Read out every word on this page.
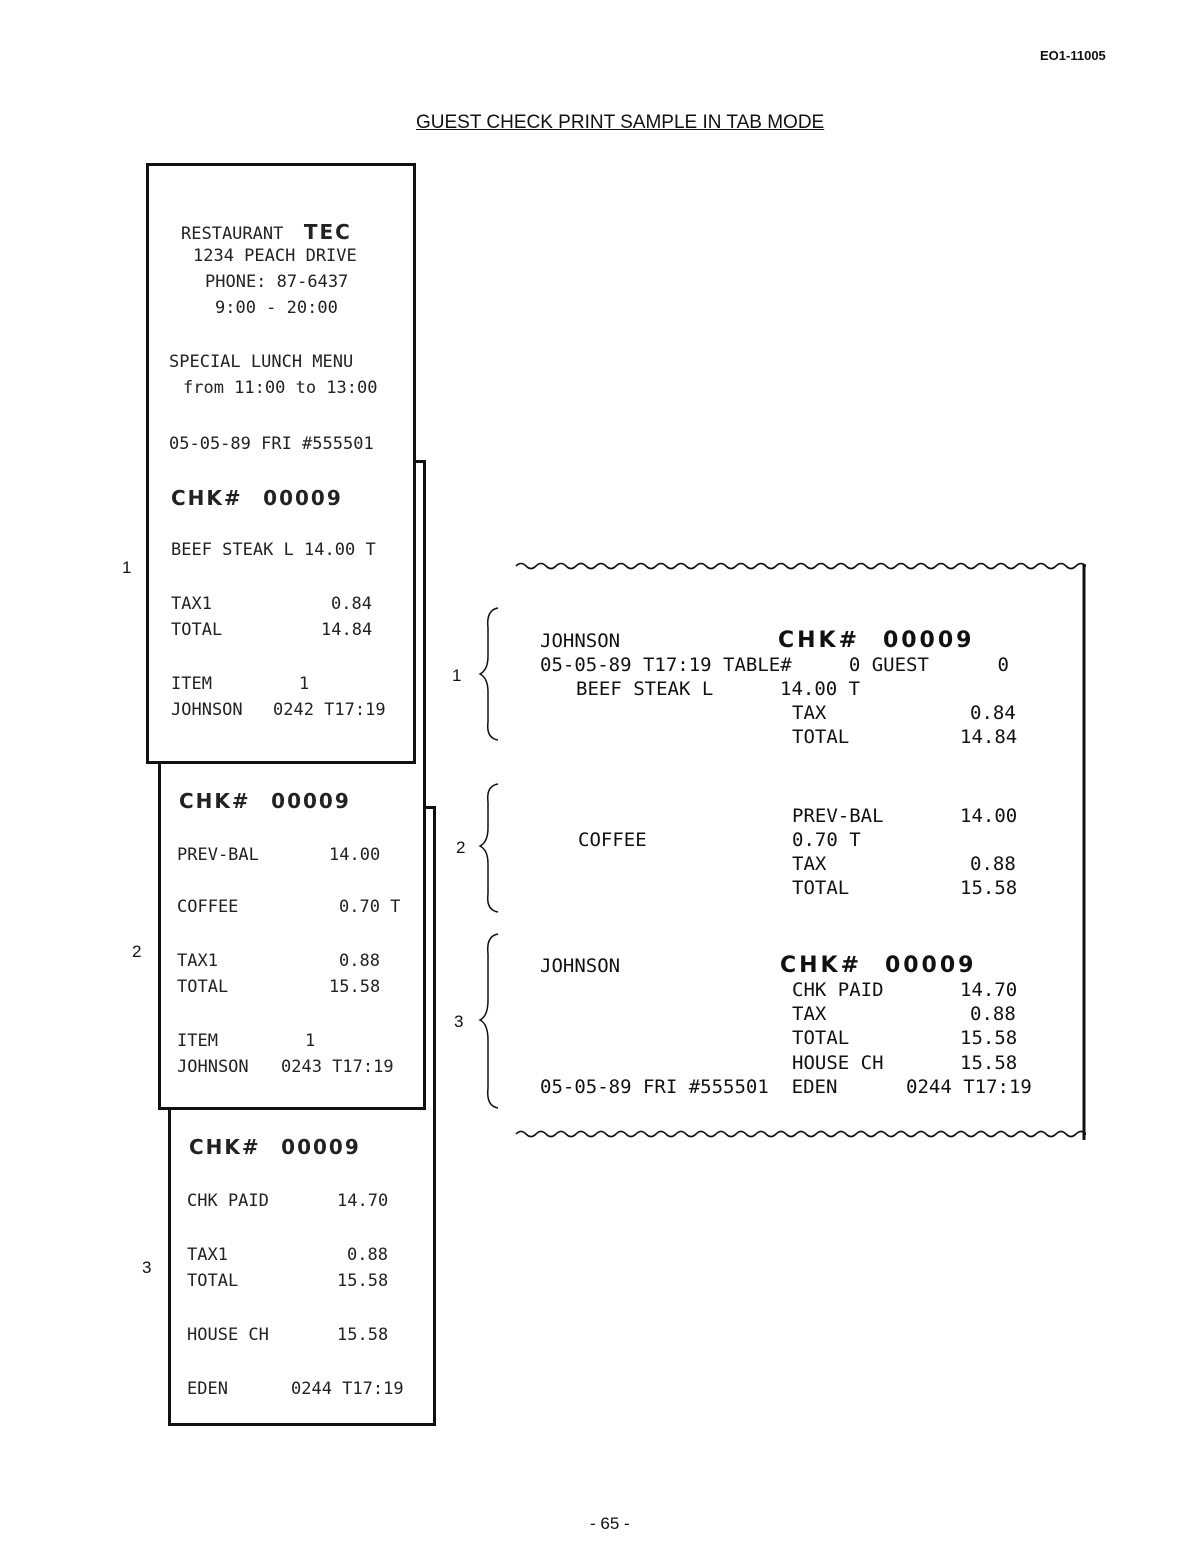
EO1-11005
GUEST CHECK PRINT SAMPLE IN TAB MODE
CHK# 00009
CHK PAID	14.70
TAX1	0.88
TOTAL	15.58
HOUSE CH	15.58
EDEN	0244 T17:19
3
CHK# 00009
PREV-BAL	14.00
COFFEE	0.70 T
TAX1	0.88
TOTAL	15.58
ITEM	1
JOHNSON 0243 T17:19
2
RESTAURANT TEC
1234 PEACH DRIVE
PHONE: 87-6437
9:00 - 20:00
SPECIAL LUNCH MENU
from 11:00 to 13:00
05-05-89 FRI #555501
CHK# 00009
BEEF STEAK L 14.00 T
TAX1	0.84
TOTAL	14.84
ITEM	1
JOHNSON 0242 T17:19
1
1
2
3
JOHNSON	CHK# 00009
05-05-89 T17:19 TABLE#     0 GUEST      0
BEEF STEAK L	14.00 T
TAX	0.84
TOTAL	14.84
PREV-BAL	14.00
COFFEE	0.70 T
TAX	0.88
TOTAL	15.58
JOHNSON	CHK# 00009
CHK PAID	14.70
TAX	0.88
TOTAL	15.58
HOUSE CH	15.58
05-05-89 FRI #555501  EDEN      0244 T17:19
- 65 -
